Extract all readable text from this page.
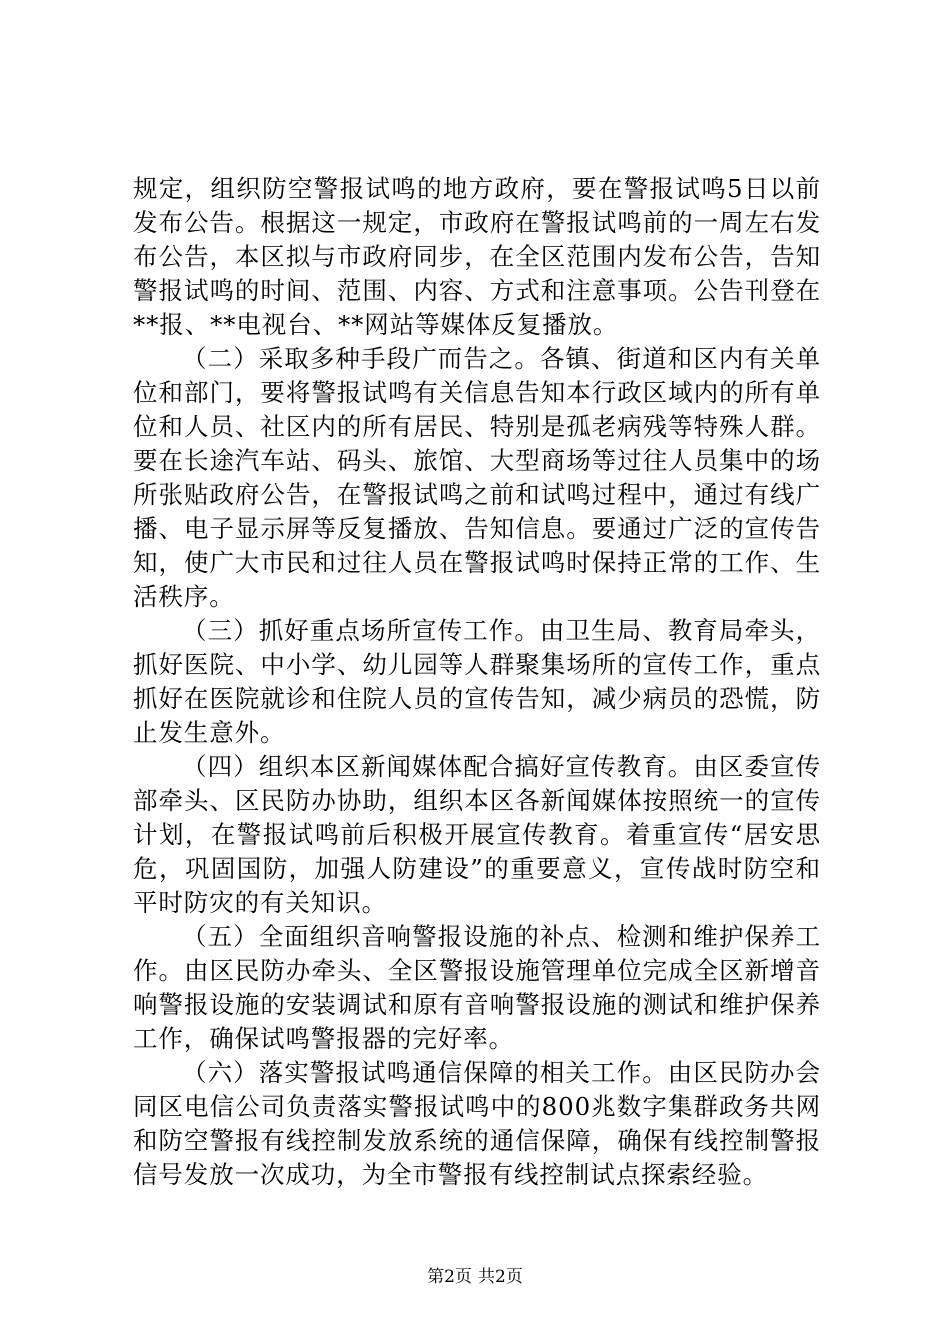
规定，组织防空警报试鸣的地方政府，要在警报试鸣5日以前发布公告。根据这一规定，市政府在警报试鸣前的一周左右发布公告，本区拟与市政府同步，在全区范围内发布公告，告知警报试鸣的时间、范围、内容、方式和注意事项。公告刊登在**报、**电视台、**网站等媒体反复播放。

（二）采取多种手段广而告之。各镇、街道和区内有关单位和部门，要将警报试鸣有关信息告知本行政区域内的所有单位和人员、社区内的所有居民、特别是孤老病残等特殊人群。要在长途汽车站、码头、旅馆、大型商场等过往人员集中的场所张贴政府公告，在警报试鸣之前和试鸣过程中，通过有线广播、电子显示屏等反复播放、告知信息。要通过广泛的宣传告知，使广大市民和过往人员在警报试鸣时保持正常的工作、生活秩序。

（三）抓好重点场所宣传工作。由卫生局、教育局牵头，抓好医院、中小学、幼儿园等人群聚集场所的宣传工作，重点抓好在医院就诊和住院人员的宣传告知，减少病员的恐慌，防止发生意外。

（四）组织本区新闻媒体配合搞好宣传教育。由区委宣传部牵头、区民防办协助，组织本区各新闻媒体按照统一的宣传计划，在警报试鸣前后积极开展宣传教育。着重宣传“居安思危，巩固国防，加强人防建设”的重要意义，宣传战时防空和平时防灾的有关知识。

（五）全面组织音响警报设施的补点、检测和维护保养工作。由区民防办牵头、全区警报设施管理单位完成全区新增音响警报设施的安装调试和原有音响警报设施的测试和维护保养工作，确保试鸣警报器的完好率。

（六）落实警报试鸣通信保障的相关工作。由区民防办会同区电信公司负责落实警报试鸣中的800兆数字集群政务共网和防空警报有线控制发放系统的通信保障，确保有线控制警报信号发放一次成功，为全市警报有线控制试点探索经验。

第2页 共2页
